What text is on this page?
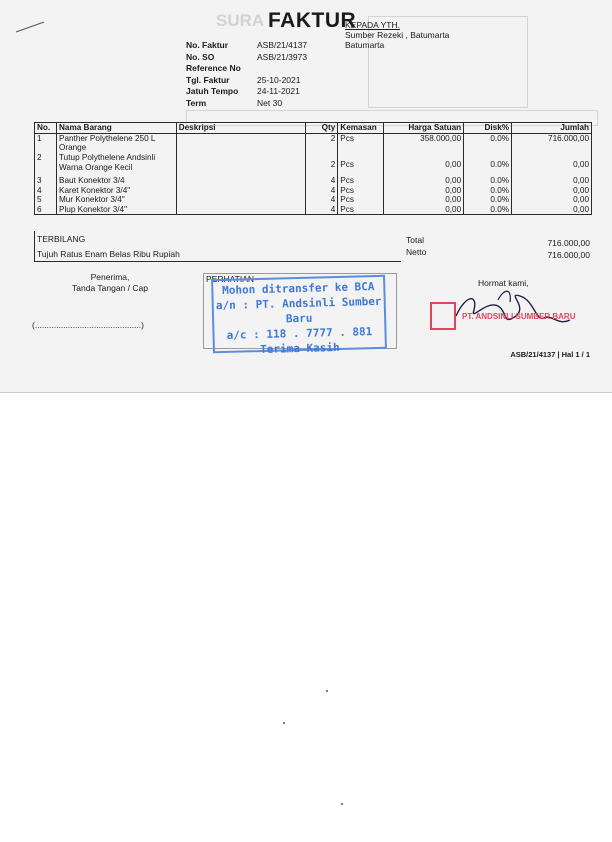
SURA FAKTUR
KEPADA YTH.
Sumber Rezeki , Batumarta
Batumarta
No. Faktur	ASB/21/4137
No. SO	ASB/21/3973
Reference No
Tgl. Faktur	25-10-2021
Jatuh Tempo	24-11-2021
Term	Net 30
No.	Nama Barang	Deskripsi	Qty	Kemasan	Harga Satuan	Disk%	Jumlah
1	Panther Polythelene 250 L
Orange		2	Pcs	358.000,00	0.0%	716.000,00
2	Tutup Polythelene Andsinli
Warna Orange Kecil		2	Pcs	0,00	0.0%	0,00
3	Baut Konektor 3/4		4	Pcs	0,00	0.0%	0,00
4	Karet Konektor 3/4"		4	Pcs	0,00	0.0%	0,00
5	Mur Konektor 3/4"		4	Pcs	0,00	0.0%	0,00
6	Plup Konektor 3/4"		4	Pcs	0,00	0.0%	0,00
TERBILANG
Tujuh Ratus Enam Belas Ribu Rupiah
Total	716.000,00
Netto	716.000,00
Penerima,
Tanda Tangan / Cap
(.............................................)
PERHATIAN
Mohon ditransfer ke BCA
a/n : PT. Andsinli Sumber Baru
a/c : 118 . 7777 . 881
Terima Kasih
Hormat kami,
PT. ANDSINLI SUMBER BARU
ASB/21/4137 | Hal 1 / 1
